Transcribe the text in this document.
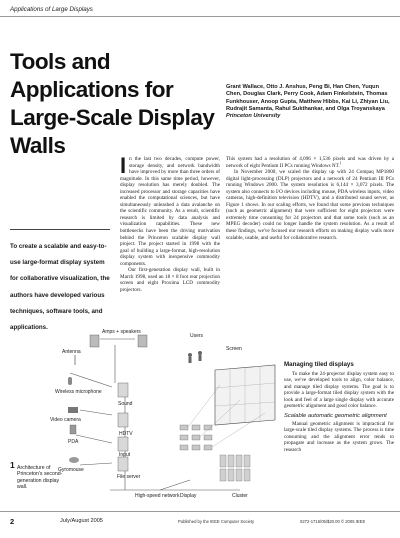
Applications of Large Displays
Tools and Applications for Large-Scale Display Walls
Grant Wallace, Otto J. Anshus, Peng Bi, Han Chen, Yuqun Chen, Douglas Clark, Perry Cook, Adam Finkelstein, Thomas Funkhouser, Anoop Gupta, Matthew Hibbs, Kai Li, Zhiyan Liu, Rudrajit Samanta, Rahul Sukthankar, and Olga Troyanskaya
Princeton University
To create a scalable and easy-to-use large-format display system for collaborative visualization, the authors have developed various techniques, software tools, and applications.

In the last two decades, compute power, storage density, and network bandwidth have improved by more than three orders of magnitude. In this same time period, however, display resolution has merely doubled. The increased processor and storage capacities have enabled the computational sciences, but have simultaneously unleashed a data avalanche on the scientific community. As a result, scientific research is limited by data analysis and visualization capabilities. These new bottlenecks have been the driving motivation behind the Princeton scalable display wall project. The project started in 1998 with the goal of building a large-format, high-resolution display system with inexpensive commodity components.

Our first-generation display wall, built in March 1998, used an 18 × 8 foot rear projection screen and eight Proxima LCD commodity projectors.

This system had a resolution of 4,096 × 1,536 pixels and was driven by a network of eight Pentium II PCs running Windows NT.$^1$

In November 2000, we scaled the display up with 24 Compaq MP1800 digital light-processing (DLP) projectors and a network of 24 Pentium III PCs running Windows 2000. The system resolution is 6,144 × 3,072 pixels. The system also connects to I/O devices including mouse, PDA wireless inputs, video cameras, high-definition television (HDTV), and a distributed sound server, as Figure 1 shows. In our scaling efforts, we found that some previous techniques (such as geometric alignment) that were sufficient for eight projectors were extremely time consuming for 24 projectors and that some tools (such as an MPEG decoder) could no longer handle the system resolution. As a result of these findings, we've focused our research efforts on making display walls more scalable, usable, and useful for collaborative research.

Managing tiled displays

To make the 24-projector display system easy to use, we've developed tools to align, color balance, and manage tiled display systems. The goal is to provide a large-format tiled display system with the look and feel of a large single display with accurate geometric alignment and good color balance.

Scalable automatic geometric alignment

Manual geometric alignment is impractical for large-scale tiled display systems. The process is time consuming and the alignment error tends to propagate and increase as the system grows. The research

Amps + speakers
Antenna
Wireless microphone
Video camera
PDA
Gyromouse
Sound
HDTV
Input
File server
High-speed network
Users
Screen
Display	Cluster
1 Architecture of Princeton's second-generation display wall.
2	July/August 2005	Published by the IEEE Computer Society	0272-1716/05/$20.00 © 2005 IEEE
